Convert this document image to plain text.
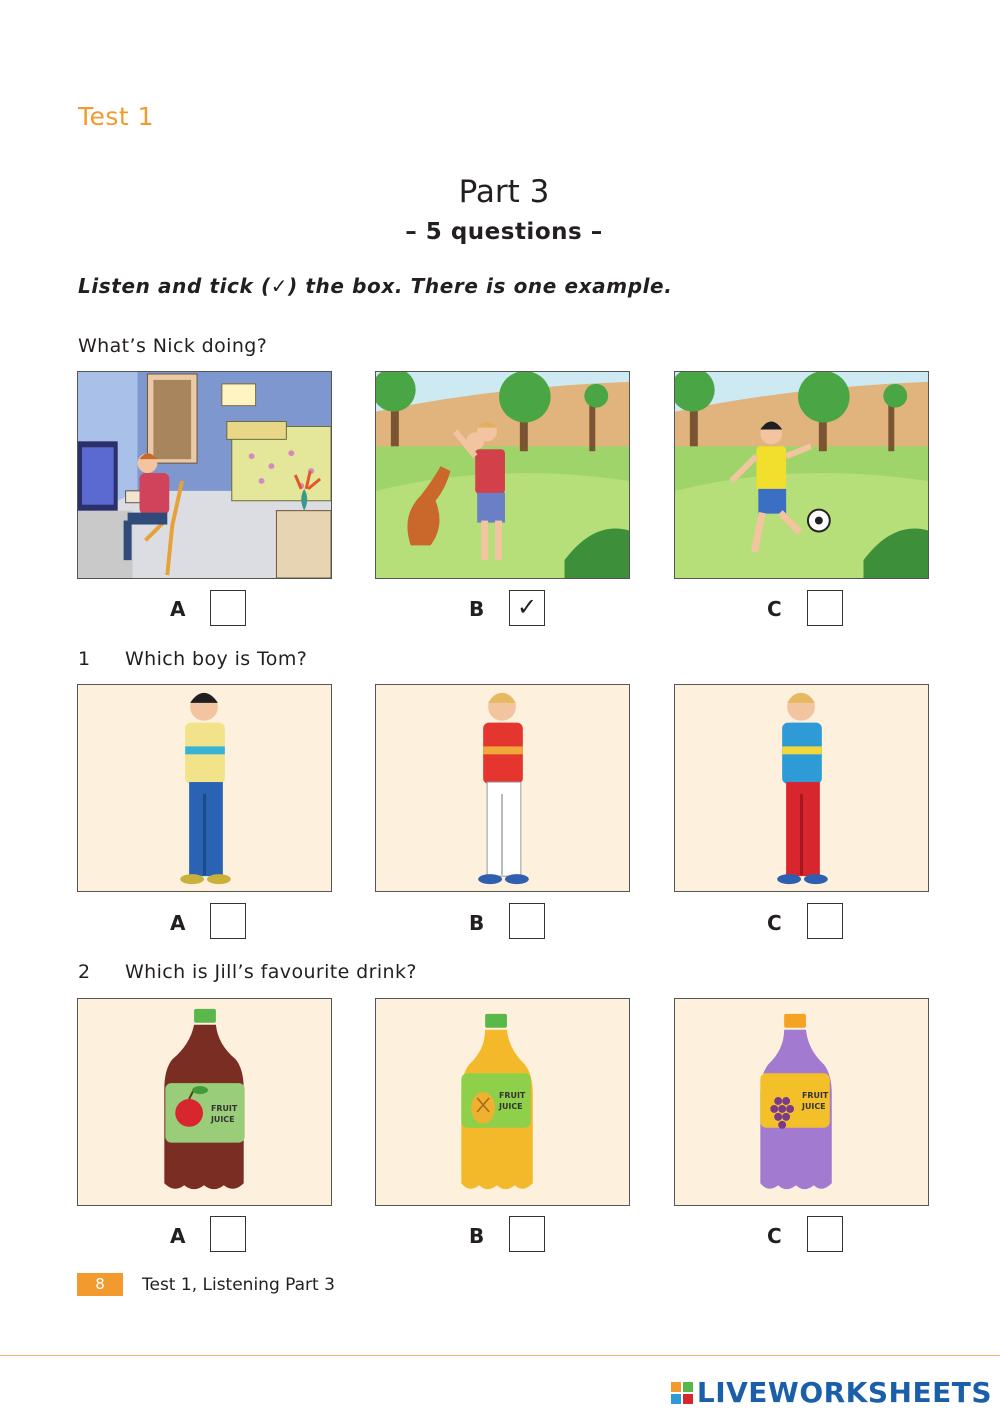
Test 1
Part 3
– 5 questions –
Listen and tick (✓) the box. There is one example.
What’s Nick doing?
A	B	✓	C
1 Which boy is Tom?
A	B	C
2 Which is Jill’s favourite drink?
FRUIT
JUICE
FRUIT
JUICE
FRUIT
JUICE
A	B	C
8	Test 1, Listening Part 3
LIVEWORKSHEETS
